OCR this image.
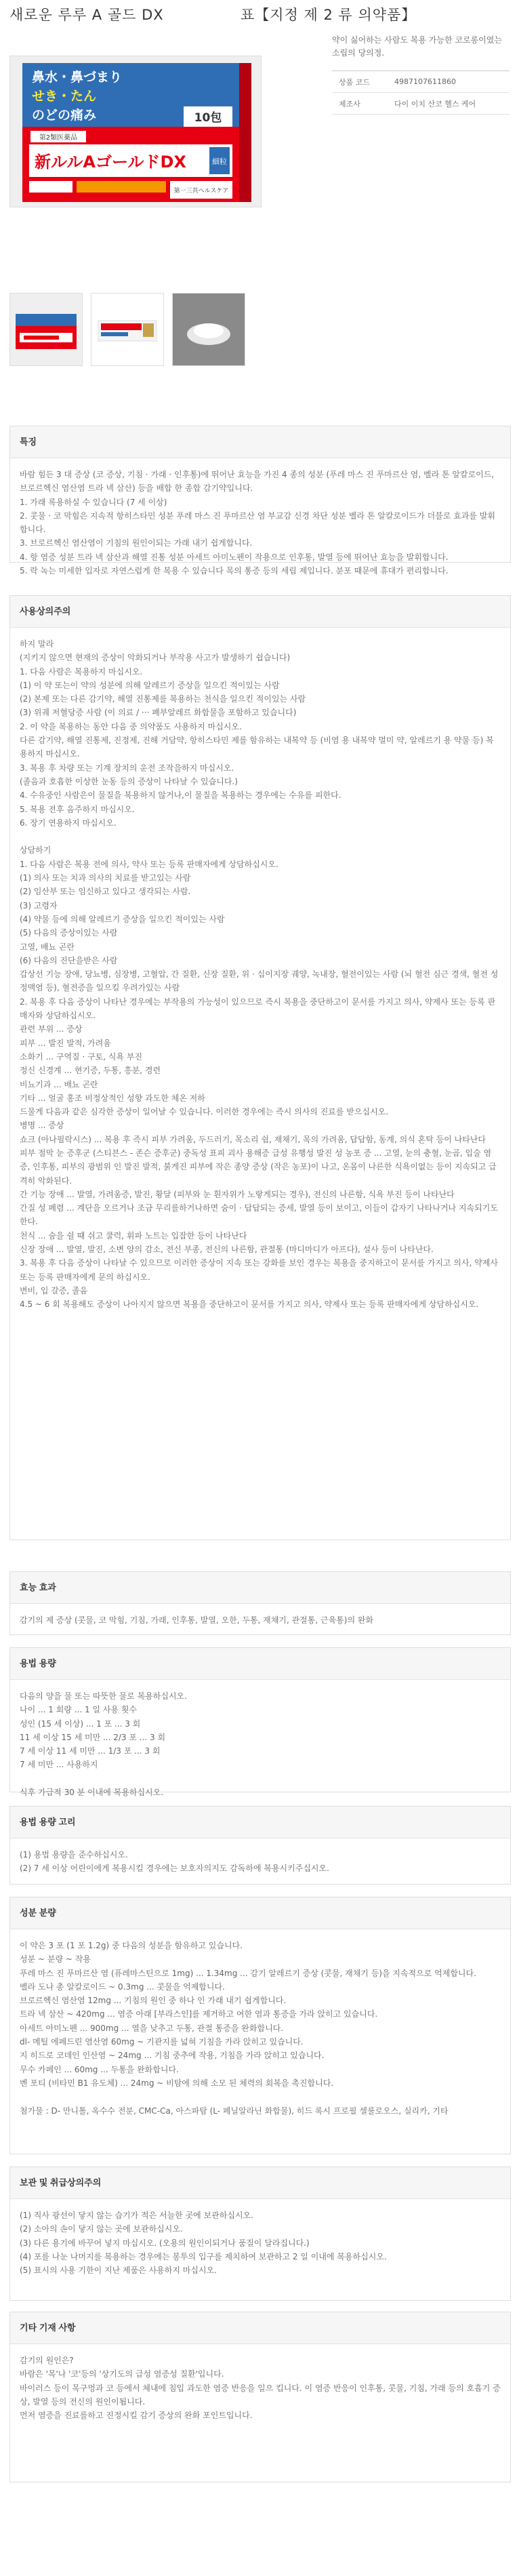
새로운 루루 A 골드 DX	표【지정 제 2 류 의약품】
鼻水・鼻づまり
せき・たん
のどの痛み	10包
第2類医薬品
新ルルAゴールドDX	細粒
第一三共ヘルスケア
약이 싫어하는 사람도 복용 가능한 코로롱이였는 소립의 당의정.
상품 코드	4987107611860
제조사	다이 이치 산코 헬스 케어
특징
바람 힘든 3 대 증상 (코 증상, 기침 · 가래 · 인후통)에 뛰어난 효능을 가진 4 종의 성분 (푸레 마스 진 푸마르산 염, 벨라 톤 알칼로이드, 브로르헥신 염산염 트라 넥 삼산) 등을 배합 한 종합 감기약입니다.
1. 가래 록용하실 수 있습니다 (7 세 이상)
2. 콧물 · 코 막힘은 지속적 항히스타민 성분 푸레 마스 진 푸마르산 염 부교감 신경 차단 성분 벨라 톤 알칼로이드가 더블로 효과를 발휘합니다.
3. 브로르헥신 염산염이 기침의 원인이되는 가래 내기 쉽게합니다.
4. 항 염증 성분 트라 넥 삼산과 해열 진통 성분 아세트 아미노펜이 작용으로 인후통, 발열 등에 뛰어난 효능을 발휘합니다.
5. 락 녹는 미세한 입자로 자연스럽게 한 복용 수 있습니다 목의 통증 등의 세립 제입니다. 분포 때문에 휴대가 편리합니다.
사용상의주의
하지 말라
(지키지 않으면 현재의 증상이 악화되거나 부작용 사고가 발생하기 쉽습니다)
1. 다음 사람은 복용하지 마십시오.
(1) 이 약 또는이 약의 성분에 의해 알레르기 증상을 일으킨 적이있는 사람
(2) 본제 또는 다른 감기약, 해열 진통제를 복용하는 천식을 일으킨 적이있는 사람
(3) 위궤 저혈당증 사람 (이 의료 / ··· 폐부알레르 화합물을 포함하고 있습니다)
2. 이 약을 복용하는 동안 다음 중 의약품도 사용하지 마십시오.
다른 감기약, 해열 진통제, 진정제, 진해 거담약, 항히스타민 제를 함유하는 내복약 등 (비염 용 내복약 멀미 약, 알레르기 용 약물 등) 복용하지 마십시오.
3. 복용 후 차량 또는 기계 장치의 운전 조작을하지 마십시오.
(졸음과 호흡한 이상한 눈동 등의 증상이 나타날 수 있습니다.)
4. 수유중인 사람은이 물질을 복용하지 않거나,이 물질을 복용하는 경우에는 수유를 피한다.
5. 복용 전후 음주하지 마십시오.
6. 장기 연용하지 마십시오.

상담하기
1. 다음 사람은 복용 전에 의사, 약사 또는 등록 판매자에게 상담하십시오.
(1) 의사 또는 치과 의사의 치료를 받고있는 사람
(2) 임산부 또는 임신하고 있다고 생각되는 사람.
(3) 고령자
(4) 약물 등에 의해 알레르기 증상을 일으킨 적이있는 사람
(5) 다음의 증상이있는 사람
고열, 배뇨 곤란
(6) 다음의 진단을받은 사람
갑상선 기능 장애, 당뇨병, 심장병, 고혈압, 간 질환, 신장 질환, 위 · 십이지장 궤양, 녹내장, 혈전이있는 사람 (뇌 혈전 심근 경색, 혈전 성 정맥염 등), 혈전증을 일으킬 우려가있는 사람
2. 복용 후 다음 증상이 나타난 경우에는 부작용의 가능성이 있으므로 즉시 복용을 중단하고이 문서를 가지고 의사, 약제사 또는 등록 판매자와 상담하십시오.
관련 부위 ... 증상
피부 ... 발진 발적, 가려움
소화기 ... 구역질 · 구토, 식욕 부진
정신 신경계 ... 현기증, 두통, 흥분, 경련
비뇨기과 ... 배뇨 곤란
기타 ... 얼굴 홍조 비정상적인 성향 과도한 체온 저하
드물게 다음과 같은 심각한 증상이 일어날 수 있습니다. 이러한 경우에는 즉시 의사의 진료를 받으십시오.
병명 ... 증상
쇼크 (아나필락시스) ... 복용 후 즉시 피부 가려움, 두드러기, 목소리 쉼, 재채기, 목의 가려움, 답답함, 동계, 의식 혼탁 등이 나타난다
피부 점막 눈 증후군 (스티븐스 - 존슨 증후군) 중독성 표피 괴사 용해증 급성 유행성 발진 성 농포 증 ... 고열, 눈의 충혈, 눈곱, 입술 염증, 인후통, 피부의 광범위 인 발진 발적, 붉게진 피부에 작은 종양 증상 (작은 농포)이 나고, 온몸이 나른한 식욕이없는 등이 지속되고 급격히 악화된다.
간 기능 장애 ... 발열, 가려움증, 발진, 황달 (피부와 눈 흰자위가 노랗게되는 경우), 전신의 나른함, 식욕 부진 등이 나타난다
간질 성 폐렴 ... 계단을 오르거나 조금 무리를하거나하면 숨이 · 답답되는 증세, 발열 등이 보이고, 이들이 갑자기 나타나거나 지속되기도한다.
천식 ... 숨을 쉴 때 쉬고 쿨럭, 휘파 노트는 입잡한 등이 나타난다
신장 장애 ... 발열, 발진, 소변 양의 감소, 전신 부종, 전신의 나른함, 관절통 (마디마디가 아프다), 설사 등이 나타난다.
3. 복용 후 다음 증상이 나타날 수 있으므로 이러한 증상이 지속 또는 강화를 보인 경우는 복용을 중지하고이 문서를 가지고 의사, 약제사 또는 등록 판매자에게 문의 하십시오.
변비, 입 갈증, 졸음
4.5 ~ 6 회 복용해도 증상이 나아지지 않으면 복용을 중단하고이 문서를 가지고 의사, 약제사 또는 등록 판매자에게 상담하십시오.
효능 효과
감기의 제 증상 (콧물, 코 막힘, 기침, 가래, 인후통, 발열, 오한, 두통, 재채기, 관절통, 근육통)의 완화
용법 용량
다음의 양을 물 또는 따뜻한 물로 복용하십시오.
나이 ... 1 회량 ... 1 일 사용 횟수
성인 (15 세 이상) ... 1 포 ... 3 회
11 세 이상 15 세 미만 ... 2/3 포 ... 3 회
7 세 이상 11 세 미만 ... 1/3 포 ... 3 회
7 세 미만 ... 사용하지

식후 가급적 30 분 이내에 복용하십시오.
용법 용량 고리
(1) 용법 용량을 준수하십시오.
(2) 7 세 이상 어린이에게 복용시킬 경우에는 보호자의지도 감독하에 복용시키주십시오.
성분 분량
이 약은 3 포 (1 포 1.2g) 중 다음의 성분을 함유하고 있습니다.
성분 ~ 분량 ~ 작용
푸레 마스 진 푸마르산 염 (퓨레마스틴으로 1mg) ... 1.34mg ... 감기 알레르기 증상 (콧물, 재채기 등)을 지속적으로 억제합니다.
벨라 도나 총 알칼로이드 ~ 0.3mg ... 콧물을 억제합니다.
브로르헥신 염산염 12mg ... 기침의 원인 중 하나 인 가래 내기 쉽게합니다.
트라 넥 삼산 ~ 420mg ... 염증 아래 [부라스인]를 제거하고 여한 염과 통증을 가라 앉히고 있습니다.
아세트 아미노펜 ... 900mg ... 열을 낮추고 두통, 관절 통증을 완화합니다.
dl- 메틸 에페드린 염산염 60mg ~ 기관지를 넓혀 기침을 가라 앉히고 있습니다.
지 히드로 코데인 인산염 ~ 24mg ... 기침 중추에 작용, 기침을 가라 앉히고 있습니다.
무수 카페인 ... 60mg ... 두통을 완화합니다.
벤 포티 (비타민 B1 유도체) ... 24mg ~ 비탐에 의해 소모 된 체력의 회복을 촉진합니다.

첨가물 : D- 만니톨, 옥수수 전분, CMC-Ca, 아스파탐 (L- 페닐알라닌 화합물), 히드 록시 프로필 셀룰로오스, 실리카, 기타
보관 및 취급상의주의
(1) 직사 광선이 닿지 않는 습기가 적은 서늘한 곳에 보관하십시오.
(2) 소아의 손이 닿지 않는 곳에 보관하십시오.
(3) 다른 용기에 바꾸어 넣지 마십시오. (오용의 원인이되거나 품질이 달라집니다.)
(4) 포를 나눈 나머지를 복용하는 경우에는 봉투의 입구를 제치하여 보관하고 2 일 이내에 복용하십시오.
(5) 표시의 사용 기한이 지난 제품은 사용하지 마십시오.
기타 기재 사항
감기의 원인은?
바람은 '목'나 '코'등의 '상기도의 급성 염증성 질환'입니다.
바이러스 등이 목구멍과 코 등에서 체내에 침입 과도한 염증 반응을 일으 킵니다. 이 염증 반응이 인후통, 콧물, 기침, 가래 등의 호흡기 증상, 발열 등의 전신의 원인이됩니다.
먼저 염증을 진료를하고 진정시킬 감기 증상의 완화 포인트입니다.
